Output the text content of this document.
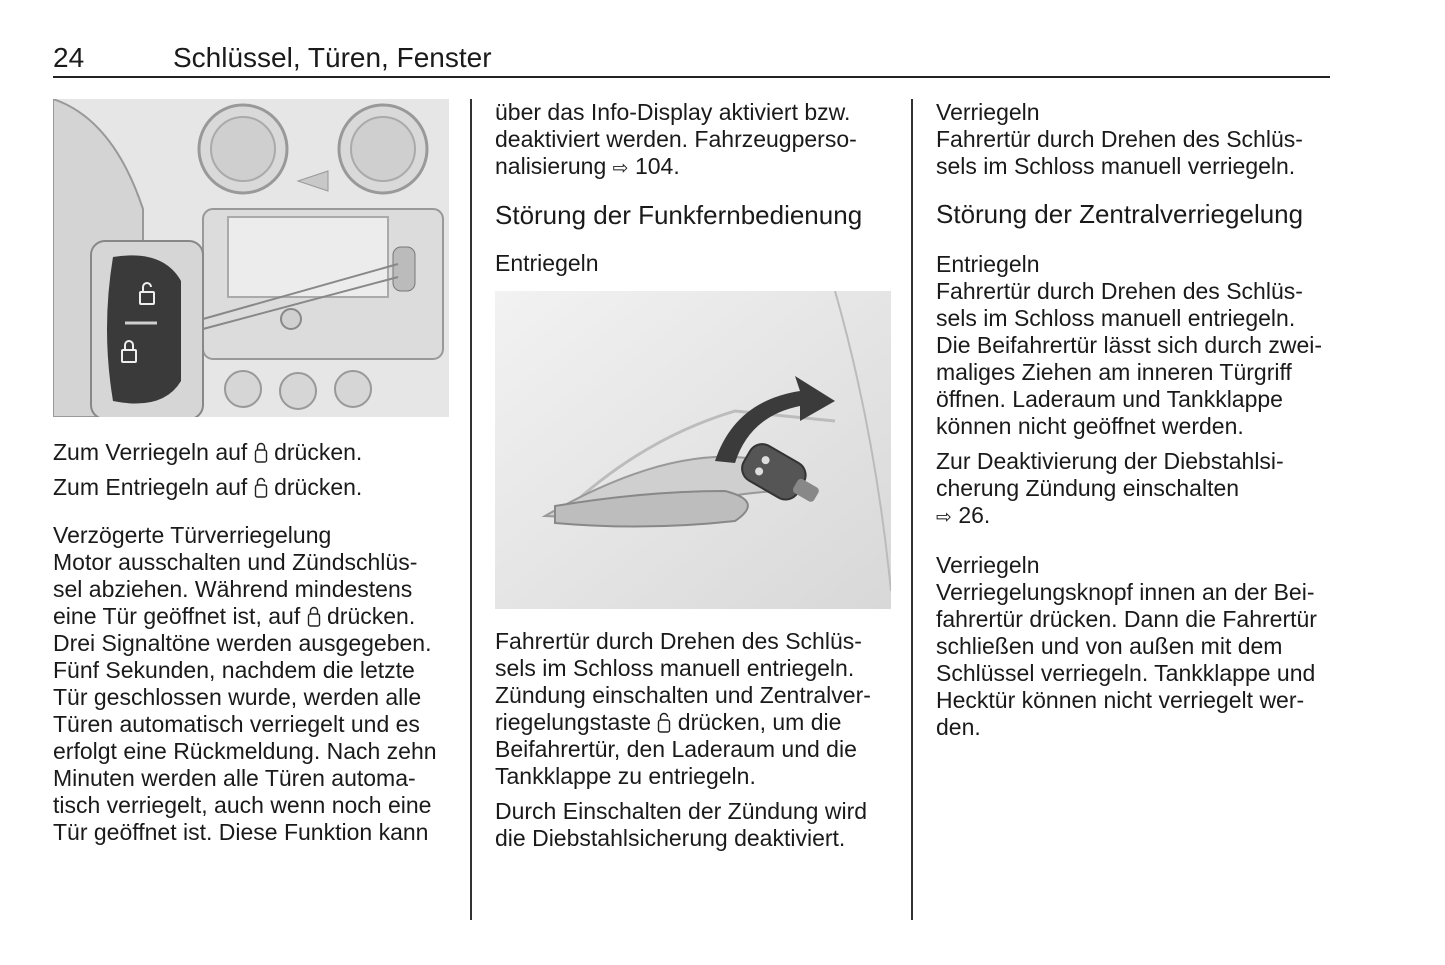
24	Schlüssel, Türen, Fenster

Zum Verriegeln auf  drücken.

Zum Entriegeln auf  drücken.

Verzögerte Türverriegelung

Motor ausschalten und Zündschlüs-

sel abziehen. Während mindestens

eine Tür geöffnet ist, auf drücken.

Drei Signaltöne werden ausgegeben.

Fünf Sekunden, nachdem die letzte

Tür geschlossen wurde, werden alle

Türen automatisch verriegelt und es

erfolgt eine Rückmeldung. Nach zehn

Minuten werden alle Türen automa-

tisch verriegelt, auch wenn noch eine

Tür geöffnet ist. Diese Funktion kann

über das Info-Display aktiviert bzw.

deaktiviert werden. Fahrzeugperso-

nalisierung ⇨ 104.

Störung der Funkfernbedienung

Entriegeln

Fahrertür durch Drehen des Schlüs-

sels im Schloss manuell entriegeln.

Zündung einschalten und Zentralver-

riegelungstaste drücken, um die

Beifahrertür, den Laderaum und die

Tankklappe zu entriegeln.

Durch Einschalten der Zündung wird

die Diebstahlsicherung deaktiviert.

Verriegeln

Fahrertür durch Drehen des Schlüs-

sels im Schloss manuell verriegeln.

Störung der Zentralverriegelung

Entriegeln

Fahrertür durch Drehen des Schlüs-

sels im Schloss manuell entriegeln.

Die Beifahrertür lässt sich durch zwei-

maliges Ziehen am inneren Türgriff

öffnen. Laderaum und Tankklappe

können nicht geöffnet werden.

Zur Deaktivierung der Diebstahlsi-

cherung Zündung einschalten

⇨ 26.

Verriegeln

Verriegelungsknopf innen an der Bei-

fahrertür drücken. Dann die Fahrertür

schließen und von außen mit dem

Schlüssel verriegeln. Tankklappe und

Hecktür können nicht verriegelt wer-

den.
